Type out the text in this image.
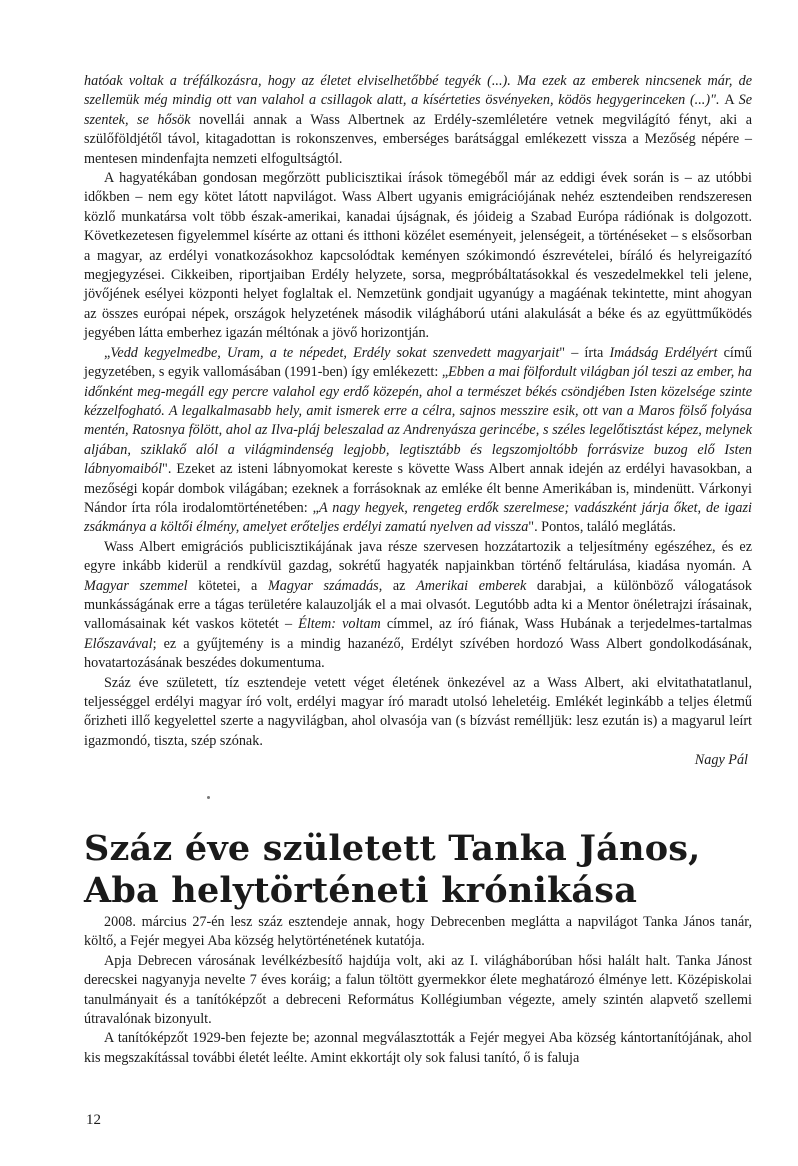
hatóak voltak a tréfálkozásra, hogy az életet elviselhetőbbé tegyék (...). Ma ezek az emberek nincsenek már, de szellemük még mindig ott van valahol a csillagok alatt, a kísérteties ösvényeken, ködös hegygerinceken (...)". A Se szentek, se hősök novellái annak a Wass Albertnek az Erdély-szemléletére vetnek megvilágító fényt, aki a szülőföldjétől távol, kitagadottan is rokonszenves, emberséges barátsággal emlékezett vissza a Mezőség népére – mentesen mindenfajta nemzeti elfogultságtól.

A hagyatékában gondosan megőrzött publicisztikai írások tömegéből már az eddigi évek során is – az utóbbi időkben – nem egy kötet látott napvilágot. Wass Albert ugyanis emigrációjának nehéz esztendeiben rendszeresen közlő munkatársa volt több észak-amerikai, kanadai újságnak, és jóideig a Szabad Európa rádiónak is dolgozott. Következetesen figyelemmel kísérte az ottani és itthoni közélet eseményeit, jelenségeit, a történéseket – s elsősorban a magyar, az erdélyi vonatkozásokhoz kapcsolódtak keményen szókimondó észrevételei, bíráló és helyreigazító megjegyzései. Cikkeiben, riportjaiban Erdély helyzete, sorsa, megpróbáltatásokkal és veszedelmekkel teli jelene, jövőjének esélyei központi helyet foglaltak el. Nemzetünk gondjait ugyanúgy a magáénak tekintette, mint ahogyan az összes európai népek, országok helyzetének második világháború utáni alakulását a béke és az együttműködés jegyében látta emberhez igazán méltónak a jövő horizontján.

„Vedd kegyelmedbe, Uram, a te népedet, Erdély sokat szenvedett magyarjait" – írta Imádság Erdélyért című jegyzetében, s egyik vallomásában (1991-ben) így emlékezett: „Ebben a mai fölfordult világban jól teszi az ember, ha időnként meg-megáll egy percre valahol egy erdő közepén, ahol a természet békés csöndjében Isten közelsége szinte kézzelfogható. A legalkalmasabb hely, amit ismerek erre a célra, sajnos messzire esik, ott van a Maros fölső folyása mentén, Ratosnya fölött, ahol az Ilva-pláj beleszalad az Andrenyásza gerincébe, s széles legelőtisztást képez, melynek aljában, sziklakő alól a világmindenség legjobb, legtisztább és legszomjoltóbb forrásvize buzog elő Isten lábnyomaiból". Ezeket az isteni lábnyomokat kereste s követte Wass Albert annak idején az erdélyi havasokban, a mezőségi kopár dombok világában; ezeknek a forrásoknak az emléke élt benne Amerikában is, mindenütt. Várkonyi Nándor írta róla irodalomtörténetében: „A nagy hegyek, rengeteg erdők szerelmese; vadászként járja őket, de igazi zsákmánya a költői élmény, amelyet erőteljes erdélyi zamatú nyelven ad vissza". Pontos, találó meglátás.

Wass Albert emigrációs publicisztikájának java része szervesen hozzátartozik a teljesítmény egészéhez, és ez egyre inkább kiderül a rendkívül gazdag, sokrétű hagyaték napjainkban történő feltárulása, kiadása nyomán. A Magyar szemmel kötetei, a Magyar számadás, az Amerikai emberek darabjai, a különböző válogatások munkásságának erre a tágas területére kalauzolják el a mai olvasót. Legutóbb adta ki a Mentor önéletrajzi írásainak, vallomásainak két vaskos kötetét – Éltem: voltam címmel, az író fiának, Wass Hubának a terjedelmes-tartalmas Előszavával; ez a gyűjtemény is a mindig hazanéző, Erdélyt szívében hordozó Wass Albert gondolkodásának, hovatartozásának beszédes dokumentuma.

Száz éve született, tíz esztendeje vetett véget életének önkezével az a Wass Albert, aki elvitathatatlanul, teljességgel erdélyi magyar író volt, erdélyi magyar író maradt utolsó leheletéig. Emlékét leginkább a teljes életmű őrizheti illő kegyelettel szerte a nagyvilágban, ahol olvasója van (s bízvást remélljük: lesz ezután is) a magyarul leírt igazmondó, tiszta, szép szónak.

Nagy Pál

Száz éve született Tanka János,
Aba helytörténeti krónikása

2008. március 27-én lesz száz esztendeje annak, hogy Debrecenben meglátta a napvilágot Tanka János tanár, költő, a Fejér megyei Aba község helytörténetének kutatója.

Apja Debrecen városának levélkézbesítő hajdúja volt, aki az I. világháborúban hősi halált halt. Tanka Jánost derecskei nagyanyja nevelte 7 éves koráig; a falun töltött gyermekkor élete meghatározó élménye lett. Középiskolai tanulmányait és a tanítóképzőt a debreceni Református Kollégiumban végezte, amely szintén alapvető szellemi útravalónak bizonyult.

A tanítóképzőt 1929-ben fejezte be; azonnal megválasztották a Fejér megyei Aba község kántortanítójának, ahol kis megszakítással további életét leélte. Amint ekkortájt oly sok falusi tanító, ő is faluja

12
